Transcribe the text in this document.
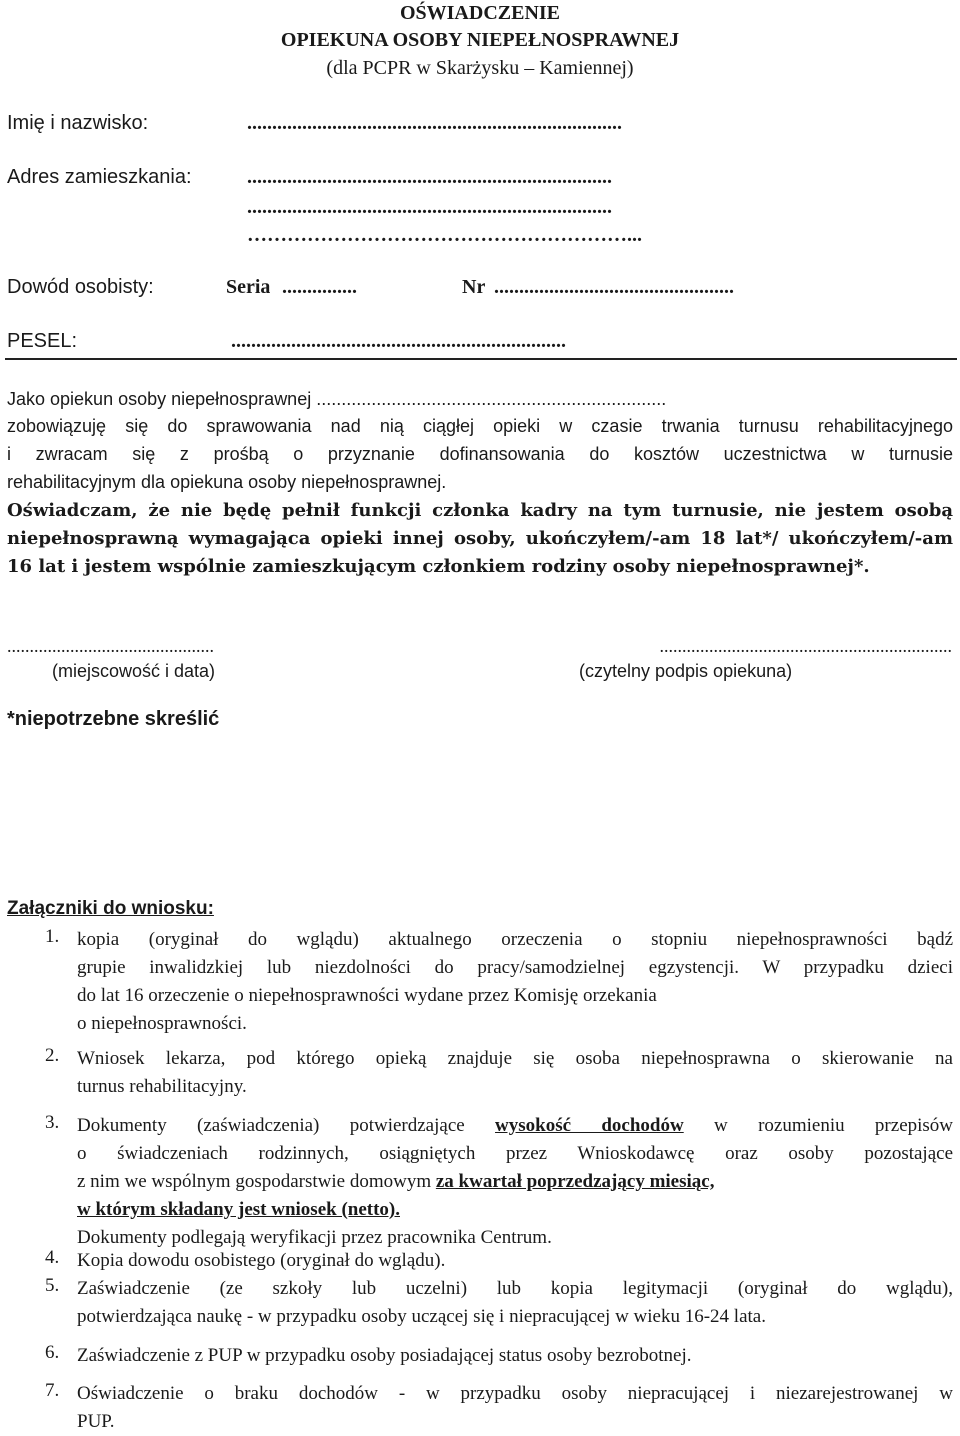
OŚWIADCZENIE
OPIEKUNA OSOBY NIEPEŁNOSPRAWNEJ
(dla PCPR w Skarżysku – Kamiennej)
Imię i nazwisko:	...........................................................................
Adres zamieszkania:	.........................................................................
.........................................................................
…………………………………………………...
Dowód osobisty:	Seria ...............	Nr ................................................
PESEL:	...................................................................
Jako opiekun osoby niepełnosprawnej ......................................................................
zobowiązuję się do sprawowania nad nią ciągłej opieki w czasie trwania turnusu rehabilitacyjnego
i zwracam się z prośbą o przyznanie dofinansowania do kosztów uczestnictwa w turnusie
rehabilitacyjnym dla opiekuna osoby niepełnosprawnej.
Oświadczam, że nie będę pełnił funkcji członka kadry na tym turnusie, nie jestem osobą niepełnosprawną wymagająca opieki innej osoby, ukończyłem/-am 18 lat*/ ukończyłem/-am 16 lat i jestem wspólnie zamieszkującym członkiem rodziny osoby niepełnosprawnej*.
..............................................
(miejscowość i data)
.................................................................
(czytelny podpis opiekuna)
*niepotrzebne skreślić
Załączniki do wniosku:
1. kopia (oryginał do wglądu) aktualnego orzeczenia o stopniu niepełnosprawności bądź

grupie inwalidzkiej lub niezdolności do pracy/samodzielnej egzystencji. W przypadku dzieci

do lat 16 orzeczenie o niepełnosprawności wydane przez Komisję orzekania

o niepełnosprawności.

2. Wniosek lekarza, pod którego opieką znajduje się osoba niepełnosprawna o skierowanie na

turnus rehabilitacyjny.

3. Dokumenty (zaświadczenia) potwierdzające wysokość dochodów w rozumieniu przepisów

o świadczeniach rodzinnych, osiągniętych przez Wnioskodawcę oraz osoby pozostające

z nim we wspólnym gospodarstwie domowym za kwartał poprzedzający miesiąc,

w którym składany jest wniosek (netto).

Dokumenty podlegają weryfikacji przez pracownika Centrum.

4. Kopia dowodu osobistego (oryginał do wglądu).

5. Zaświadczenie (ze szkoły lub uczelni) lub kopia legitymacji (oryginał do wglądu),

potwierdzająca naukę - w przypadku osoby uczącej się i niepracującej w wieku 16-24 lata.

6. Zaświadczenie z PUP w przypadku osoby posiadającej status osoby bezrobotnej.

7. Oświadczenie o braku dochodów - w przypadku osoby niepracującej i niezarejestrowanej w

PUP.
